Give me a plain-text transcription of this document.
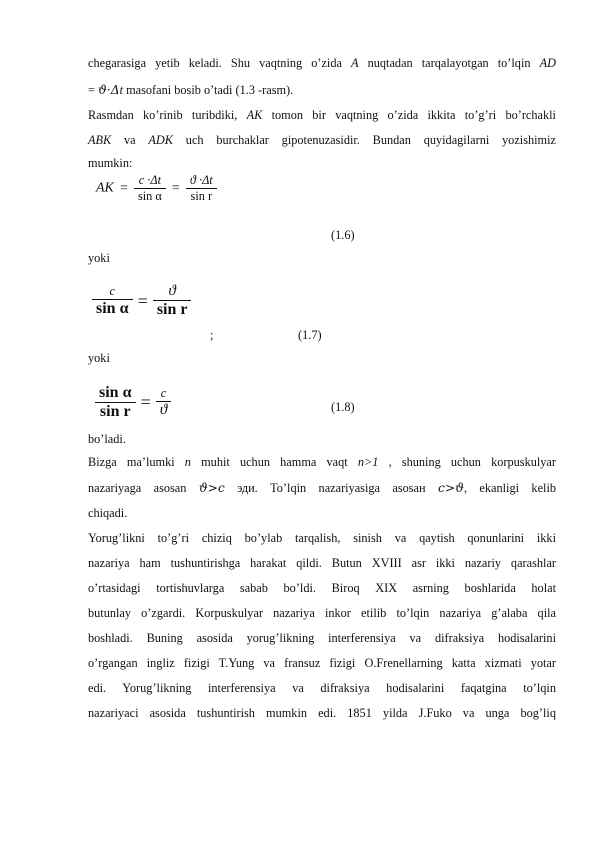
chegarasiga yetib keladi. Shu vaqtning o’zida A nuqtadan tarqalayotgan to’lqin AD
= ϑ·Δt masofani bosib o’tadi (1.3 -rasm).
Rasmdan ko’rinib turibdiki, AK tomon bir vaqtning o’zida ikkita to’g’ri bo’rchakli
ABK va ADK uch burchaklar gipotenuzasidir. Bundan quyidagilarni yozishimiz
mumkin:
AK = $\frac{c \cdot\Delta t}{\text{sin α}} = \frac{ϑ \cdot\Delta t}{\text{sin r}}$
(1.6)
yoki
$\frac{c}{\text{sin α}} = \frac{ϑ}{\text{sin r}}$
;	(1.7)
yoki
$\frac{\text{sin α}}{\text{sin r}} = \frac{c}{ϑ}$	(1.8)
bo’ladi.
Bizga ma’lumki n muhit uchun hamma vaqt n>1 , shuning uchun korpuskulyar
nazariyaga asosan ϑ>c эди. To’lqin nazariyasiga asosан c>ϑ, ekanligi kelib
chiqadi.
Yorug’likni to’g’ri chiziq bo’ylab tarqalish, sinish va qaytish qonunlarini ikki
nazariya ham tushuntirishga harakat qildi. Butun XVIII asr ikki nazariy qarashlar
o’rtasidagi tortishuvlarga sabab bo’ldi. Biroq XIX asrning boshlarida holat
butunlay o’zgardi. Korpuskulyar nazariya inkor etilib to’lqin nazariya g’alaba qila
boshladi. Buning asosida yorug’likning interferensiya va difraksiya hodisalarini
o’rgangan ingliz fizigi T.Yung va fransuz fizigi O.Frenellarning katta xizmati yotar
edi. Yorug’likning interferensiya va difraksiya hodisalarini faqatgina to’lqin
nazariyaci asosida tushuntirish mumkin edi. 1851 yilda J.Fuko va unga bog’liq
